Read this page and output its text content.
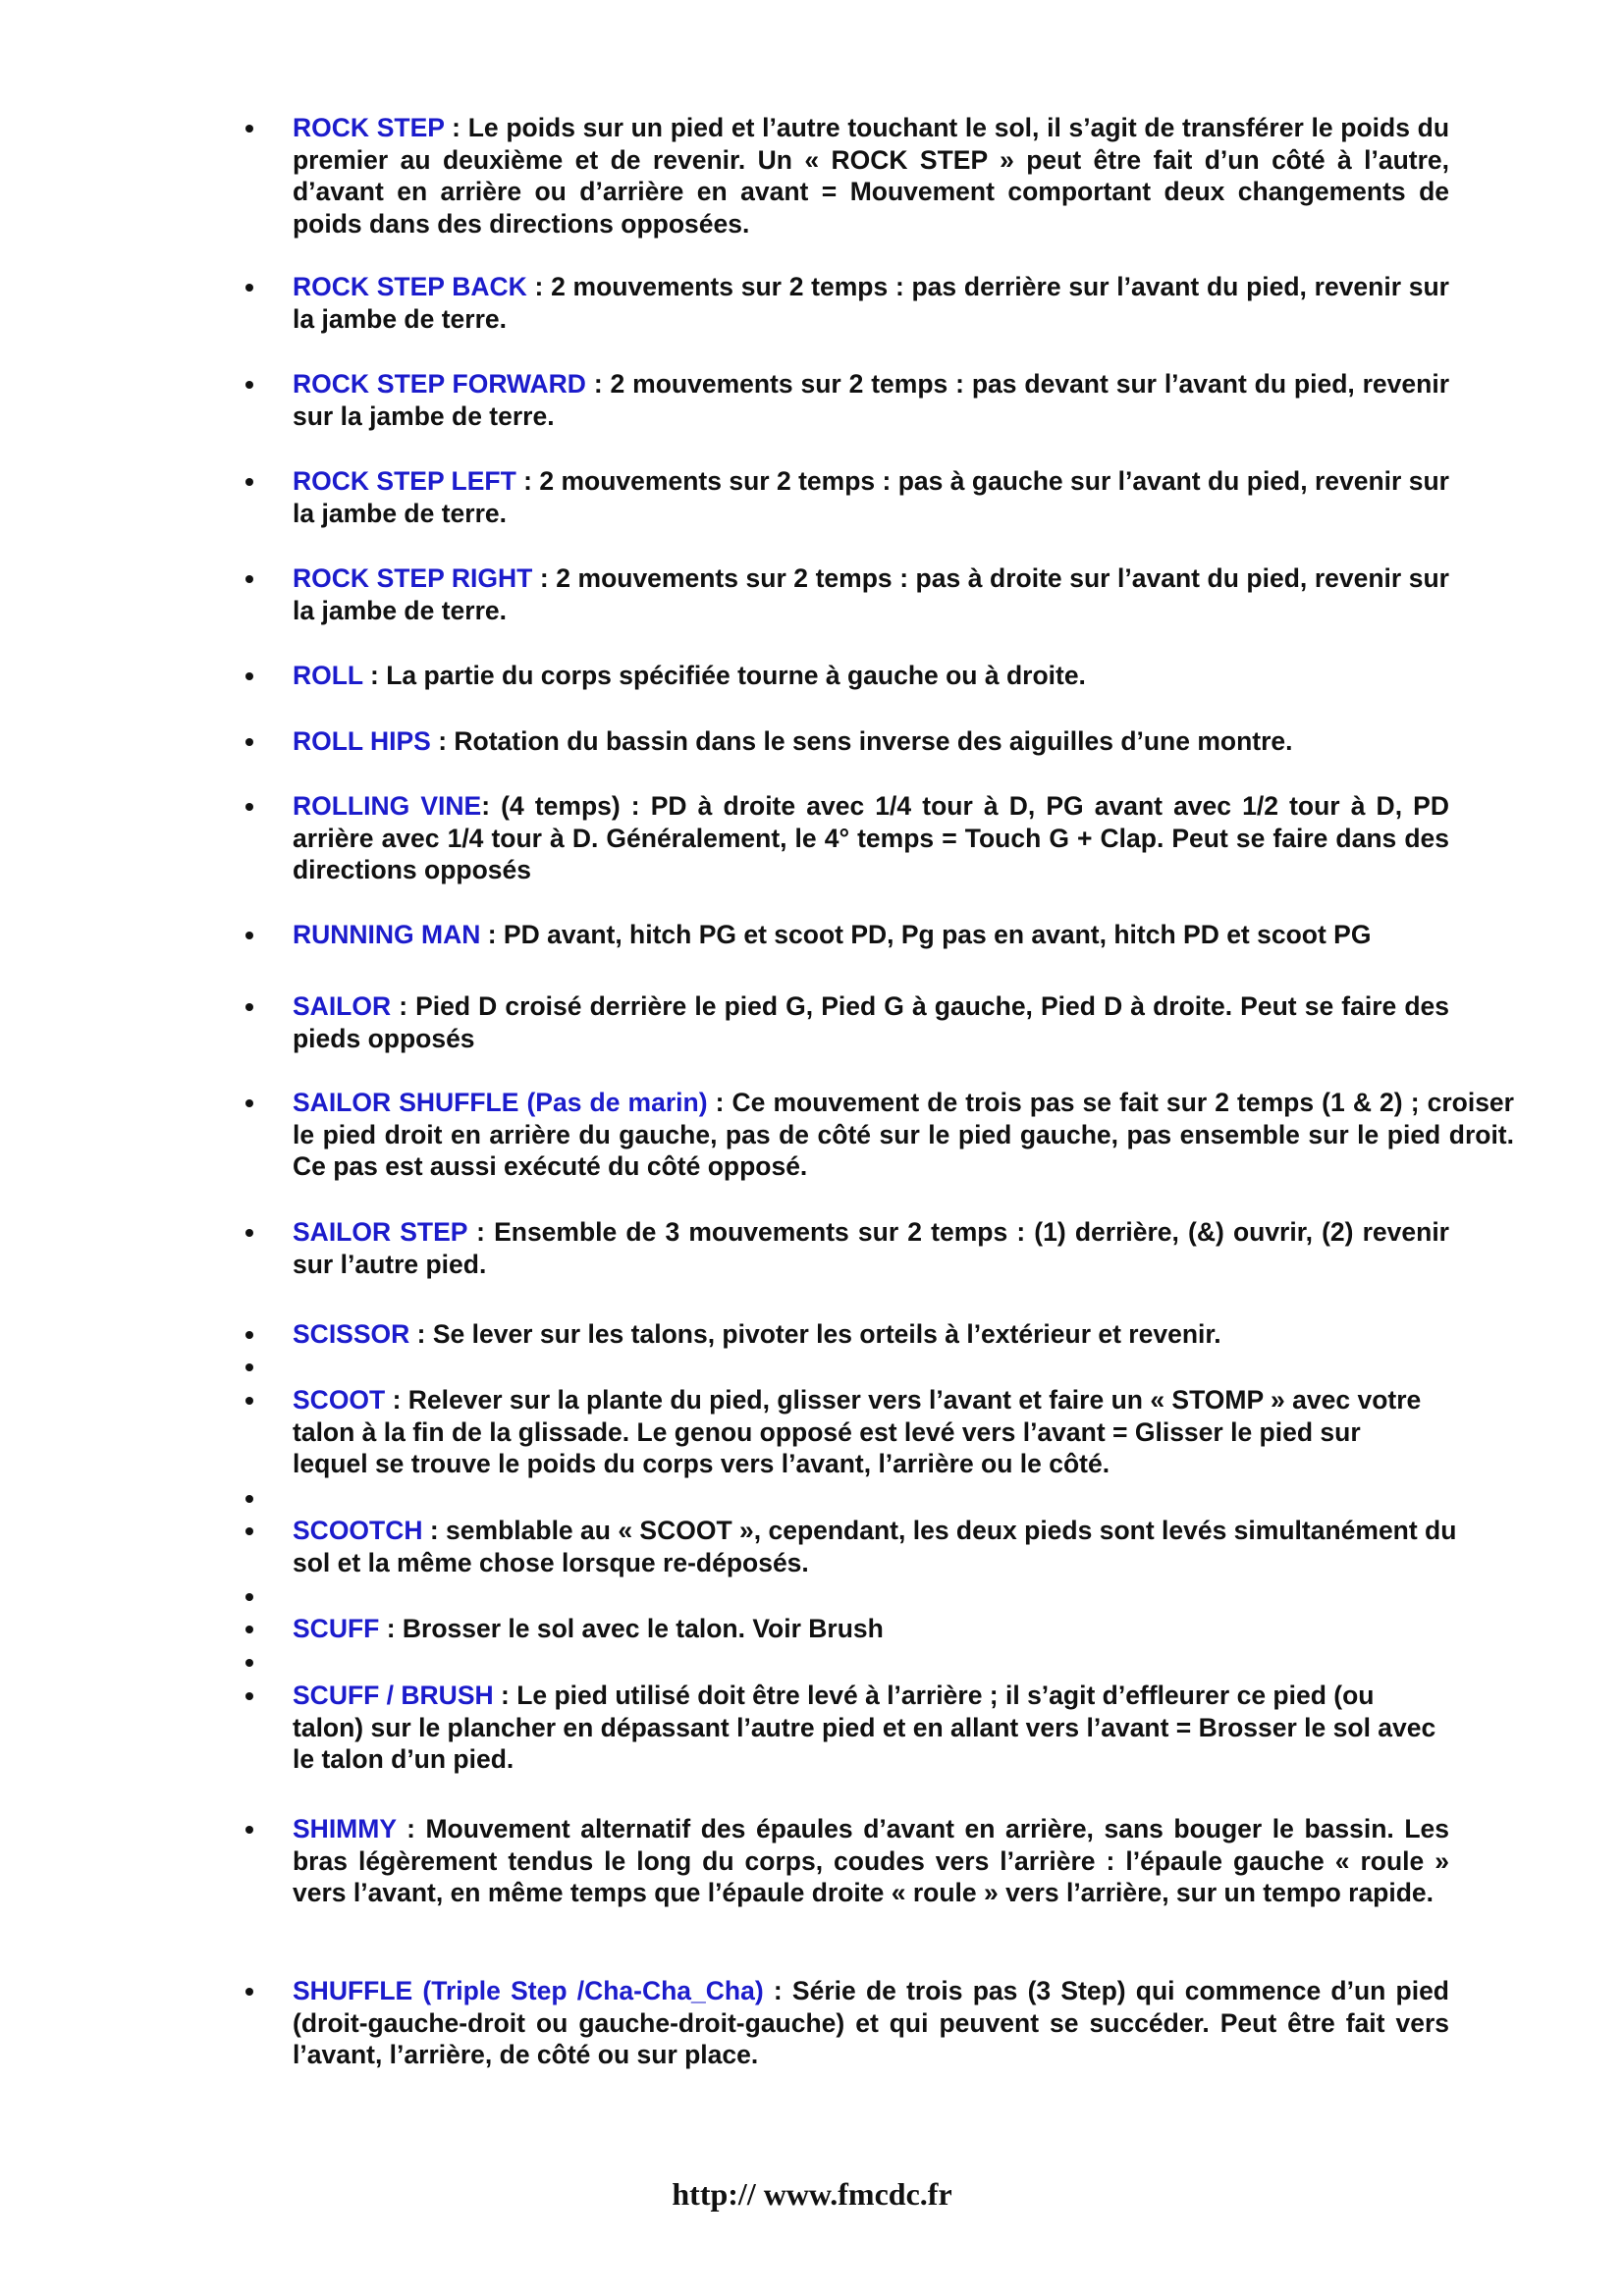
ROCK STEP : Le poids sur un pied et l’autre touchant le sol, il s’agit de transférer le poids du premier au deuxième et de revenir. Un « ROCK STEP » peut être fait d’un côté à l’autre, d’avant en arrière ou d’arrière en avant = Mouvement comportant deux changements de poids dans des directions opposées.
ROCK STEP BACK : 2 mouvements sur 2 temps : pas derrière sur l’avant du pied, revenir sur la jambe de terre.
ROCK STEP FORWARD : 2 mouvements sur 2 temps : pas devant sur l’avant du pied, revenir sur la jambe de terre.
ROCK STEP LEFT : 2 mouvements sur 2 temps : pas à gauche sur l’avant du pied, revenir sur la jambe de terre.
ROCK STEP RIGHT : 2 mouvements sur 2 temps : pas à droite sur l’avant du pied, revenir sur la jambe de terre.
ROLL : La partie du corps spécifiée tourne à gauche ou à droite.
ROLL HIPS : Rotation du bassin dans le sens inverse des aiguilles d’une montre.
ROLLING VINE: (4 temps) : PD à droite avec 1/4 tour à D, PG avant avec 1/2 tour à D, PD arrière avec 1/4 tour à D. Généralement, le 4° temps = Touch G + Clap. Peut se faire dans des directions opposés
RUNNING MAN : PD avant, hitch PG et scoot PD, Pg pas en avant, hitch PD et scoot PG
SAILOR : Pied D croisé derrière le pied G, Pied G à gauche, Pied D à droite. Peut se faire des pieds opposés
SAILOR SHUFFLE (Pas de marin) : Ce mouvement de trois pas se fait sur 2 temps (1 & 2) ; croiser le pied droit en arrière du gauche, pas de côté sur le pied gauche, pas ensemble sur le pied droit. Ce pas est aussi exécuté du côté opposé.
SAILOR STEP : Ensemble de 3 mouvements sur 2 temps : (1) derrière, (&) ouvrir, (2) revenir sur l’autre pied.
SCISSOR : Se lever sur les talons, pivoter les orteils à l’extérieur et revenir.
SCOOT : Relever sur la plante du pied, glisser vers l’avant et faire un « STOMP » avec votre talon à la fin de la glissade. Le genou opposé est levé vers l’avant = Glisser le pied sur lequel se trouve le poids du corps vers l’avant, l’arrière ou le côté.
SCOOTCH : semblable au « SCOOT », cependant, les deux pieds sont levés simultanément du sol et la même chose lorsque re-déposés.
SCUFF : Brosser le sol avec le talon. Voir Brush
SCUFF / BRUSH : Le pied utilisé doit être levé à l’arrière ; il s’agit d’effleurer ce pied (ou talon) sur le plancher en dépassant l’autre pied et en allant vers l’avant = Brosser le sol avec le talon d’un pied.
SHIMMY : Mouvement alternatif des épaules d’avant en arrière, sans bouger le bassin. Les bras légèrement tendus le long du corps, coudes vers l’arrière : l’épaule gauche « roule » vers l’avant, en même temps que l’épaule droite « roule » vers l’arrière, sur un tempo rapide.
SHUFFLE (Triple Step /Cha-Cha_Cha) : Série de trois pas (3 Step) qui commence d’un pied (droit-gauche-droit ou gauche-droit-gauche) et qui peuvent se succéder. Peut être fait vers l’avant, l’arrière, de côté ou sur place.
http:// www.fmcdc.fr
